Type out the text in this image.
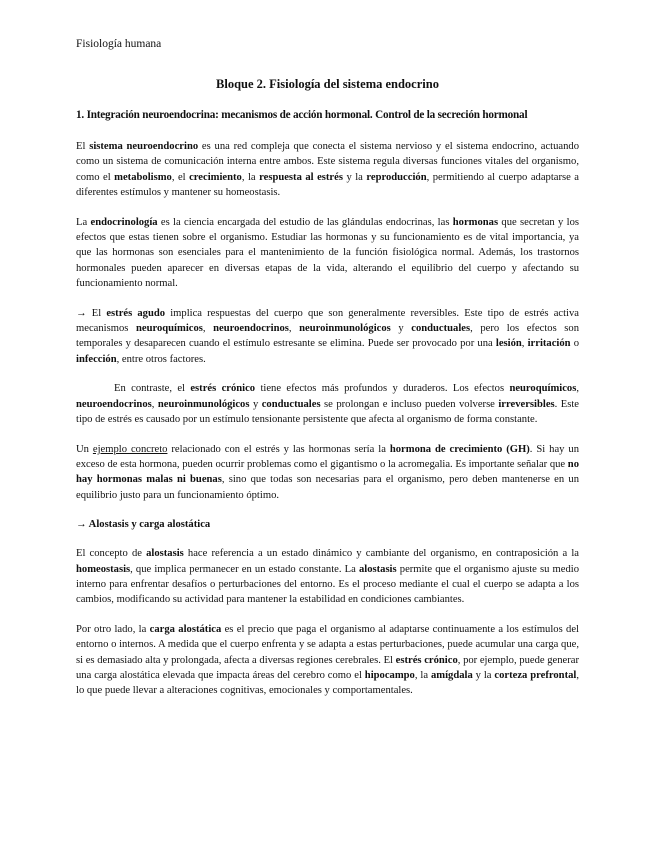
Fisiología humana
Bloque 2. Fisiología del sistema endocrino
1. Integración neuroendocrina: mecanismos de acción hormonal. Control de la secreción hormonal

El sistema neuroendocrino es una red compleja que conecta el sistema nervioso y el sistema endocrino, actuando como un sistema de comunicación interna entre ambos. Este sistema regula diversas funciones vitales del organismo, como el metabolismo, el crecimiento, la respuesta al estrés y la reproducción, permitiendo al cuerpo adaptarse a diferentes estímulos y mantener su homeostasis.

La endocrinología es la ciencia encargada del estudio de las glándulas endocrinas, las hormonas que secretan y los efectos que estas tienen sobre el organismo. Estudiar las hormonas y su funcionamiento es de vital importancia, ya que las hormonas son esenciales para el mantenimiento de la función fisiológica normal. Además, los trastornos hormonales pueden aparecer en diversas etapas de la vida, alterando el equilibrio del cuerpo y afectando su funcionamiento normal.

→ El estrés agudo implica respuestas del cuerpo que son generalmente reversibles. Este tipo de estrés activa mecanismos neuroquímicos, neuroendocrinos, neuroinmunológicos y conductuales, pero los efectos son temporales y desaparecen cuando el estímulo estresante se elimina. Puede ser provocado por una lesión, irritación o infección, entre otros factores.

En contraste, el estrés crónico tiene efectos más profundos y duraderos. Los efectos neuroquímicos, neuroendocrinos, neuroinmunológicos y conductuales se prolongan e incluso pueden volverse irreversibles. Este tipo de estrés es causado por un estímulo tensionante persistente que afecta al organismo de forma constante.

Un ejemplo concreto relacionado con el estrés y las hormonas sería la hormona de crecimiento (GH). Si hay un exceso de esta hormona, pueden ocurrir problemas como el gigantismo o la acromegalia. Es importante señalar que no hay hormonas malas ni buenas, sino que todas son necesarias para el organismo, pero deben mantenerse en un equilibrio justo para un funcionamiento óptimo.

→ Alostasis y carga alostática

El concepto de alostasis hace referencia a un estado dinámico y cambiante del organismo, en contraposición a la homeostasis, que implica permanecer en un estado constante. La alostasis permite que el organismo ajuste su medio interno para enfrentar desafíos o perturbaciones del entorno. Es el proceso mediante el cual el cuerpo se adapta a los cambios, modificando su actividad para mantener la estabilidad en condiciones cambiantes.

Por otro lado, la carga alostática es el precio que paga el organismo al adaptarse continuamente a los estímulos del entorno o internos. A medida que el cuerpo enfrenta y se adapta a estas perturbaciones, puede acumular una carga que, si es demasiado alta y prolongada, afecta a diversas regiones cerebrales. El estrés crónico, por ejemplo, puede generar una carga alostática elevada que impacta áreas del cerebro como el hipocampo, la amígdala y la corteza prefrontal, lo que puede llevar a alteraciones cognitivas, emocionales y comportamentales.
